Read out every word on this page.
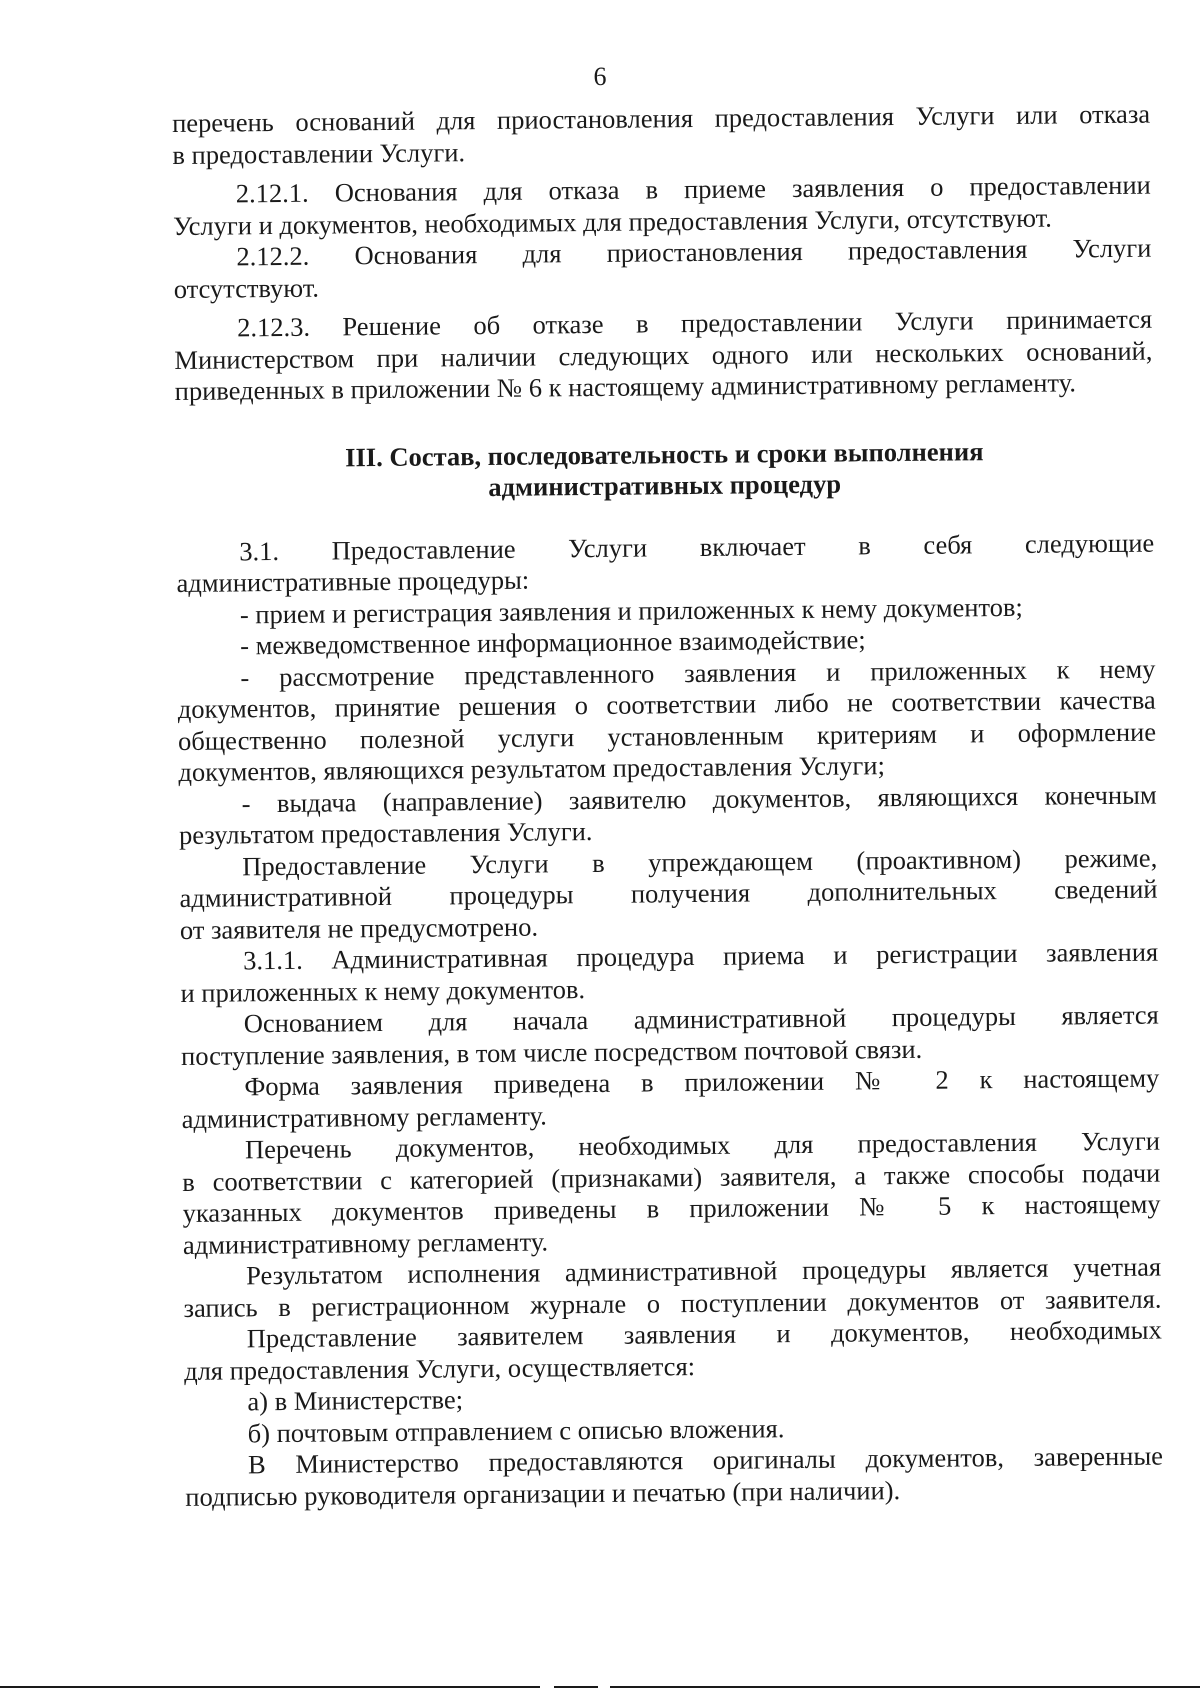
6
перечень оснований для приостановления предоставления Услуги или отказа
в предоставлении Услуги.
2.12.1. Основания для отказа в приеме заявления о предоставлении
Услуги и документов, необходимых для предоставления Услуги, отсутствуют.
2.12.2. Основания для приостановления предоставления Услуги
отсутствуют.
2.12.3. Решение об отказе в предоставлении Услуги принимается
Министерством при наличии следующих одного или нескольких оснований,
приведенных в приложении № 6 к настоящему административному регламенту.
III. Состав, последовательность и сроки выполнения
административных процедур
3.1. Предоставление Услуги включает в себя следующие
административные процедуры:
- прием и регистрация заявления и приложенных к нему документов;
- межведомственное информационное взаимодействие;
- рассмотрение представленного заявления и приложенных к нему
документов, принятие решения о соответствии либо не соответствии качества
общественно полезной услуги установленным критериям и оформление
документов, являющихся результатом предоставления Услуги;
- выдача (направление) заявителю документов, являющихся конечным
результатом предоставления Услуги.
Предоставление Услуги в упреждающем (проактивном) режиме,
административной процедуры получения дополнительных сведений
от заявителя не предусмотрено.
3.1.1. Административная процедура приема и регистрации заявления
и приложенных к нему документов.
Основанием для начала административной процедуры является
поступление заявления, в том числе посредством почтовой связи.
Форма заявления приведена в приложении № 2 к настоящему
административному регламенту.
Перечень документов, необходимых для предоставления Услуги
в соответствии с категорией (признаками) заявителя, а также способы подачи
указанных документов приведены в приложении № 5 к настоящему
административному регламенту.
Результатом исполнения административной процедуры является учетная
запись в регистрационном журнале о поступлении документов от заявителя.
Представление заявителем заявления и документов, необходимых
для предоставления Услуги, осуществляется:
а) в Министерстве;
б) почтовым отправлением с описью вложения.
В Министерство предоставляются оригиналы документов, заверенные
подписью руководителя организации и печатью (при наличии).
